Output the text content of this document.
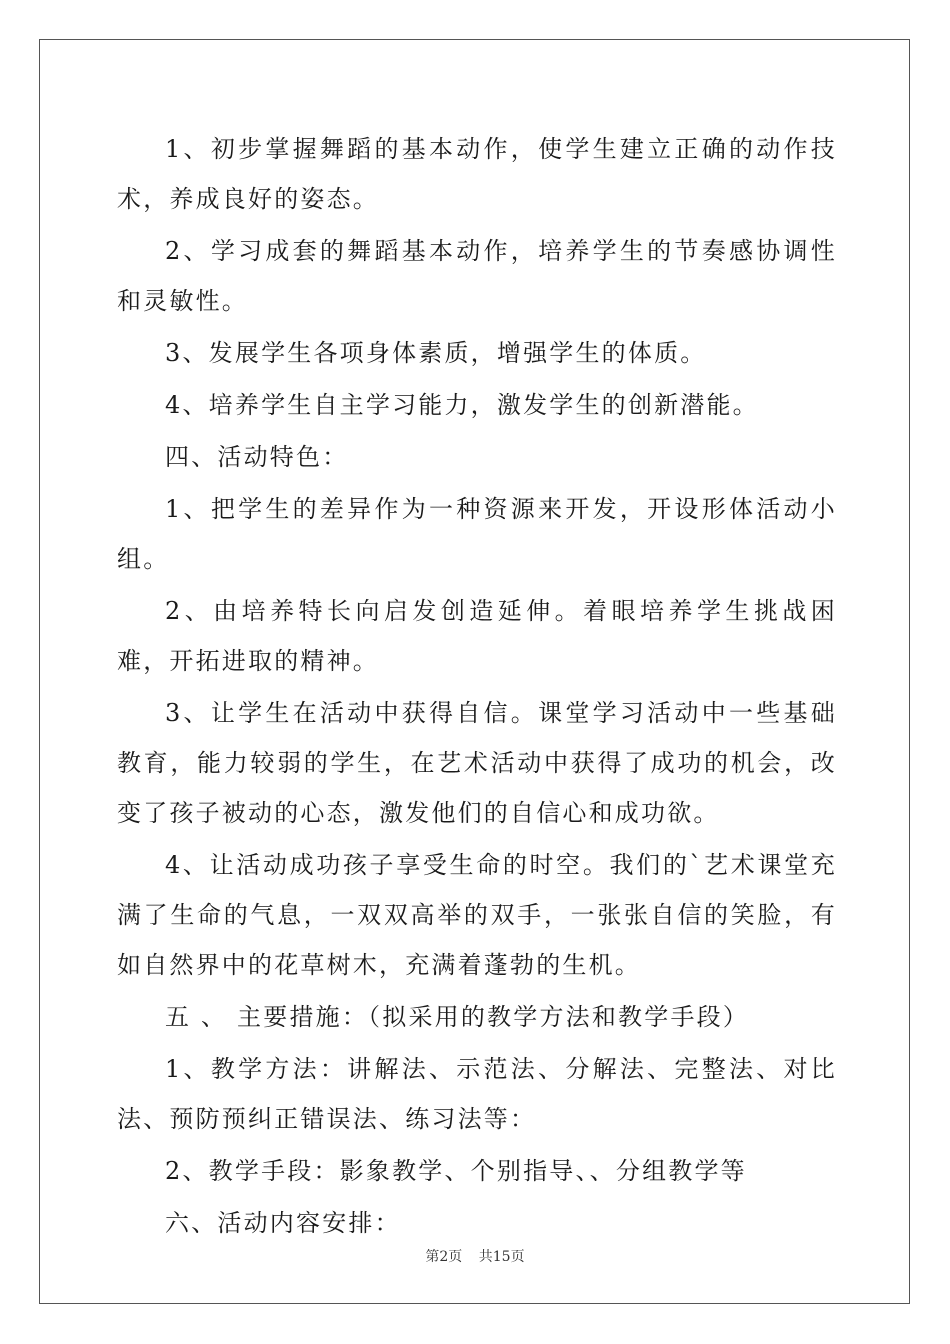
1、初步掌握舞蹈的基本动作，使学生建立正确的动作技术，养成良好的姿态。

2、学习成套的舞蹈基本动作，培养学生的节奏感协调性和灵敏性。

3、发展学生各项身体素质，增强学生的体质。

4、培养学生自主学习能力，激发学生的创新潜能。

四、活动特色：

1、把学生的差异作为一种资源来开发，开设形体活动小组。

2、由培养特长向启发创造延伸。着眼培养学生挑战困难，开拓进取的精神。

3、让学生在活动中获得自信。课堂学习活动中一些基础教育，能力较弱的学生，在艺术活动中获得了成功的机会，改变了孩子被动的心态，激发他们的自信心和成功欲。

4、让活动成功孩子享受生命的时空。我们的`艺术课堂充满了生命的气息，一双双高举的双手，一张张自信的笑脸，有如自然界中的花草树木，充满着蓬勃的生机。

五 、 主要措施：（拟采用的教学方法和教学手段）

1、教学方法：讲解法、示范法、分解法、完整法、对比法、预防预纠正错误法、练习法等：

2、教学手段：影象教学、个别指导、、分组教学等

六、活动内容安排：

第2页 共15页
